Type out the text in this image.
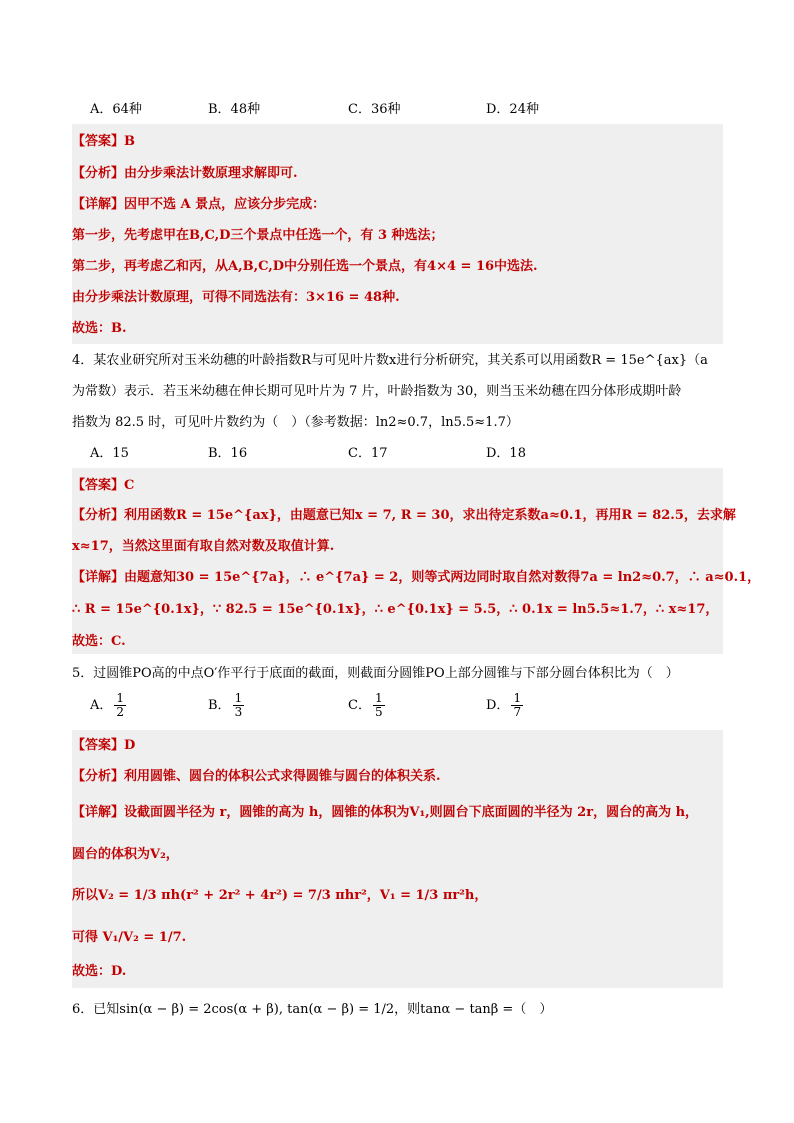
A．64种	B．48种	C．36种	D．24种
【答案】B
【分析】由分步乘法计数原理求解即可.
【详解】因甲不选 A 景点，应该分步完成：
第一步，先考虑甲在B,C,D三个景点中任选一个，有 3 种选法；
第二步，再考虑乙和丙，从A,B,C,D中分别任选一个景点，有4×4 = 16中选法.
由分步乘法计数原理，可得不同选法有：3×16 = 48种.
故选：B.
4．某农业研究所对玉米幼穗的叶龄指数R与可见叶片数x进行分析研究，其关系可以用函数R = 15e^{ax}（a
为常数）表示．若玉米幼穗在伸长期可见叶片为 7 片，叶龄指数为 30，则当玉米幼穗在四分体形成期叶龄
指数为 82.5 时，可见叶片数约为（　）（参考数据：ln2≈0.7，ln5.5≈1.7）
A．15	B．16	C．17	D．18
【答案】C
【分析】利用函数R = 15e^{ax}，由题意已知x = 7, R = 30，求出待定系数a≈0.1，再用R = 82.5，去求解
x≈17，当然这里面有取自然对数及取值计算.
【详解】由题意知30 = 15e^{7a}，∴ e^{7a} = 2，则等式两边同时取自然对数得7a = ln2≈0.7，∴ a≈0.1，
∴ R = 15e^{0.1x}，∵ 82.5 = 15e^{0.1x}，∴ e^{0.1x} = 5.5，∴ 0.1x = ln5.5≈1.7，∴ x≈17，
故选：C.
5．过圆锥PO高的中点O′作平行于底面的截面，则截面分圆锥PO上部分圆锥与下部分圆台体积比为（　）
A． $\frac{1}{2}$	B． $\frac{1}{3}$	C． $\frac{1}{5}$	D． $\frac{1}{7}$
【答案】D
【分析】利用圆锥、圆台的体积公式求得圆锥与圆台的体积关系.
【详解】设截面圆半径为 r，圆锥的高为 h，圆锥的体积为V₁,则圆台下底面圆的半径为 2r，圆台的高为 h，
圆台的体积为V₂，
所以V₂ = 1/3 πh(r² + 2r² + 4r²) = 7/3 πhr²，V₁ = 1/3 πr²h，
可得 V₁/V₂ = 1/7.
故选：D.
6．已知sin(α − β) = 2cos(α + β), tan(α − β) = 1/2，则tanα − tanβ =（　）
